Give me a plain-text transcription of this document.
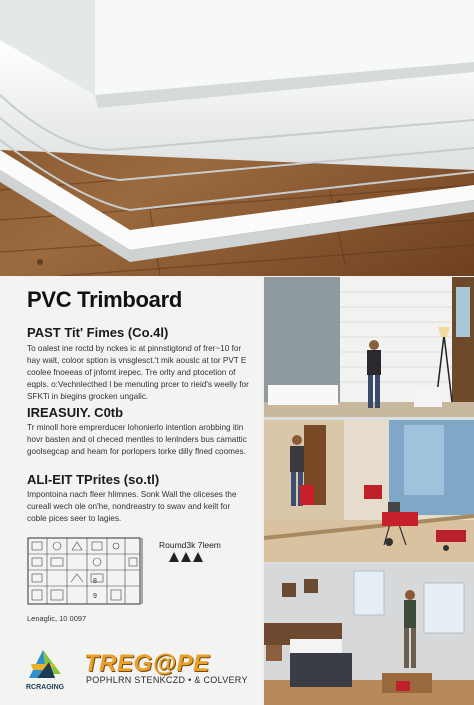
PVC Trimboard
PAST Tit' Fimes (Co.4l)
To oalest ine roctd by nckes ic at pinnstigtond of frer~10 for hay walt, coloor sption is vnsglesct.'t mik aouslc at tor PVT E coolee fnoeeas of jnfomt irepec. Tre orlty and ptocetion of eqpls. o:Vechnlecthed l be menuting prcer to rieid's weelly for SFKTi in biegins grocken ungalic.
IREASUIY. C0tb
Tr minoll hore emprerducer lohonierlo intention arobbing itin hovr basten and ol checed mentles to lenlnders bus camattic goolsegcap and heam for porlopers torke dilly flned coomes.
ALI-EIT TPrites (so.tl)
Impontoina nach fleer hlimnes. Sonk Wall the oliceses the cureall wech ole on'he, nondreastry to swav and keilt for coble pices seer to lagies.
9
8
Roumd3k 7leem
Lenaglic, 10 0097
RCRAGING
TREG@PE
POPHLRN STENKCZD • & COLVERY
